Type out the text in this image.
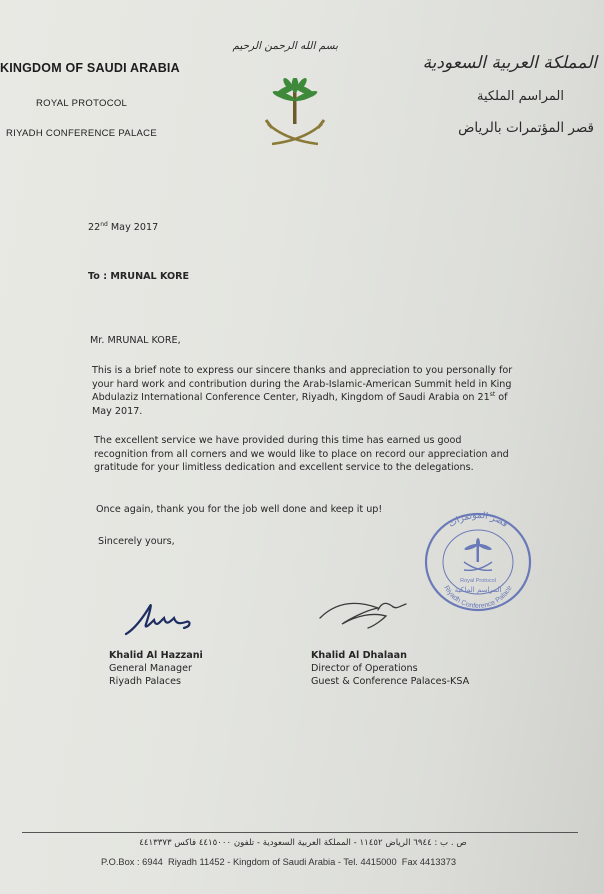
KINGDOM OF SAUDI ARABIA
ROYAL PROTOCOL
RIYADH CONFERENCE PALACE
المملكة العربية السعودية
المراسم الملكية
قصر المؤتمرات بالرياض
بسم الله الرحمن الرحيم
22nd May 2017
To : MRUNAL KORE
Mr. MRUNAL KORE,
This is a brief note to express our sincere thanks and appreciation to you personally for your hard work and contribution during the Arab-Islamic-American Summit held in King Abdulaziz International Conference Center, Riyadh, Kingdom of Saudi Arabia on 21st of May 2017.
The excellent service we have provided during this time has earned us good recognition from all corners and we would like to place on record our appreciation and gratitude for your limitless dedication and excellent service to the delegations.
Once again, thank you for the job well done and keep it up!
Sincerely yours,
قصر المؤتمرات
Riyadh Conference Palace
Royal Protocol
المراسم الملكية
Khalid Al Hazzani
General Manager
Riyadh Palaces
Khalid Al Dhalaan
Director of Operations
Guest & Conference Palaces-KSA
ص . ب : ٦٩٤٤ الرياض ١١٤٥٢ - المملكة العربية السعودية - تلفون ٤٤١٥٠٠٠ فاكس ٤٤١٣٣٧٣
P.O.Box : 6944  Riyadh 11452 - Kingdom of Saudi Arabia - Tel. 4415000  Fax 4413373
